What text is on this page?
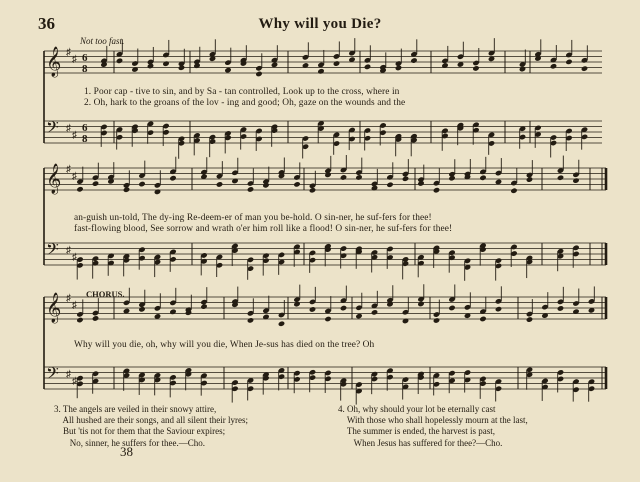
36	Why will you Die?
Not too fast.
CHORUS.
𝄞 ♯
♯ 6
8
𝄢 ♯
♯
6
8
𝄞 ♯
♯
𝄢 ♯
♯
𝄞 ♯
♯
𝄢 ♯
♯
1. Poor cap - tive to sin, and by Sa - tan controlled, Look up to the cross, where in
2. Oh, hark to the groans of the lov - ing and good; Oh, gaze on the wounds and the
an-guish un-told, The dy-ing Re-deem-er of man you be-hold. O sin-ner, he suf-fers for thee!
fast-flowing blood, See sorrow and wrath o'er him roll like a flood! O sin-ner, he suf-fers for thee!
Why will you die, oh, why will you die, When Je-sus has died on the tree? Oh
3. The angels are veiled in their snowy attire,
All hushed are their songs, and all silent their lyres;
But 'tis not for them that the Saviour expires;
No, sinner, he suffers for thee.—Cho.
4. Oh, why should your lot be eternally cast
With those who shall hopelessly mourn at the last,
The summer is ended, the harvest is past,
When Jesus has suffered for thee?—Cho.
38
